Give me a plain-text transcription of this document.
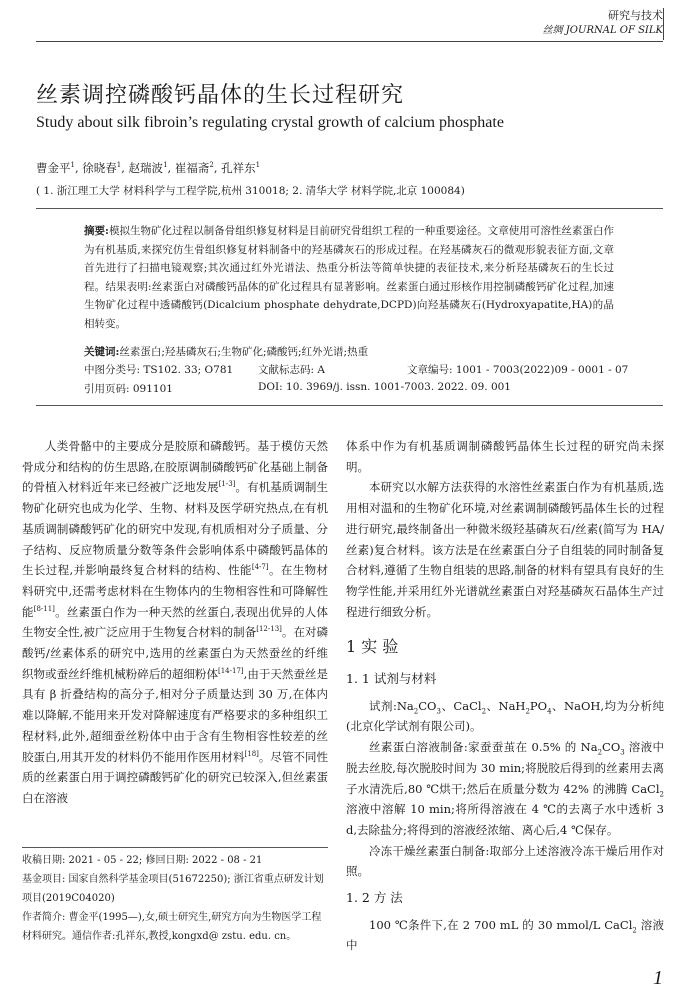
研究与技术
丝绸 JOURNAL OF SILK
丝素调控磷酸钙晶体的生长过程研究
Study about silk fibroin’s regulating crystal growth of calcium phosphate
曹金平$^1$, 徐晓春$^1$, 赵瑞波$^1$, 崔福斋$^2$, 孔祥东$^1$
( 1. 浙江理工大学 材料科学与工程学院,杭州 310018; 2. 清华大学 材料学院,北京 100084)
摘要:模拟生物矿化过程以制备骨组织修复材料是目前研究骨组织工程的一种重要途径。文章使用可溶性丝素蛋白作为有机基质,来探究仿生骨组织修复材料制备中的羟基磷灰石的形成过程。在羟基磷灰石的微观形貌表征方面,文章首先进行了扫描电镜观察;其次通过红外光谱法、热重分析法等简单快捷的表征技术,来分析羟基磷灰石的生长过程。结果表明:丝素蛋白对磷酸钙晶体的矿化过程具有显著影响。丝素蛋白通过形核作用控制磷酸钙矿化过程,加速生物矿化过程中透磷酸钙(Dicalcium phosphate dehydrate,DCPD)向羟基磷灰石(Hydroxyapatite,HA)的晶相转变。
关键词:丝素蛋白;羟基磷灰石;生物矿化;磷酸钙;红外光谱;热重
中图分类号: TS102. 33; O781 文献标志码: A	文章编号: 1001 - 7003(2022)09 - 0001 - 07
引用页码: 091101	DOI: 10. 3969/j. issn. 1001-7003. 2022. 09. 001

人类骨骼中的主要成分是胶原和磷酸钙。基于模仿天然骨成分和结构的仿生思路,在胶原调制磷酸钙矿化基础上制备的骨植入材料近年来已经被广泛地发展[1-3]。有机基质调制生物矿化研究也成为化学、生物、材料及医学研究热点,在有机基质调制磷酸钙矿化的研究中发现,有机质相对分子质量、分子结构、反应物质量分数等条件会影响体系中磷酸钙晶体的生长过程,并影响最终复合材料的结构、性能[4-7]。在生物材料研究中,还需考虑材料在生物体内的生物相容性和可降解性能[8-11]。丝素蛋白作为一种天然的丝蛋白,表现出优异的人体生物安全性,被广泛应用于生物复合材料的制备[12-13]。在对磷酸钙/丝素体系的研究中,选用的丝素蛋白为天然蚕丝的纤维织物或蚕丝纤维机械粉碎后的超细粉体[14-17],由于天然蚕丝是具有 β 折叠结构的高分子,相对分子质量达到 30 万,在体内难以降解,不能用来开发对降解速度有严格要求的多种组织工程材料,此外,超细蚕丝粉体中由于含有生物相容性较差的丝胶蛋白,用其开发的材料仍不能用作医用材料[18]。尽管不同性质的丝素蛋白用于调控磷酸钙矿化的研究已较深入,但丝素蛋白在溶液

收稿日期: 2021 - 05 - 22; 修回日期: 2022 - 08 - 21
基金项目: 国家自然科学基金项目(51672250); 浙江省重点研发计划项目(2019C04020)
作者简介: 曹金平(1995—),女,硕士研究生,研究方向为生物医学工程材料研究。通信作者:孔祥东,教授,kongxd@ zstu. edu. cn。

体系中作为有机基质调制磷酸钙晶体生长过程的研究尚未探明。

本研究以水解方法获得的水溶性丝素蛋白作为有机基质,选用相对温和的生物矿化环境,对丝素调制磷酸钙晶体生长的过程进行研究,最终制备出一种微米级羟基磷灰石/丝素(简写为 HA/丝素)复合材料。该方法是在丝素蛋白分子自组装的同时制备复合材料,遵循了生物自组装的思路,制备的材料有望具有良好的生物学性能,并采用红外光谱就丝素蛋白对羟基磷灰石晶体生产过程进行细致分析。

1 实 验

1. 1 试剂与材料

试剂$:Na_2CO_3$、CaCl$_2$、$NaH_2PO_4$、NaOH,均为分析纯(北京化学试剂有限公司)。

丝素蛋白溶液制备:家蚕蚕茧在 0.5% 的 $Na_2CO_3$ 溶液中脱去丝胶,每次脱胶时间为 30 min;将脱胶后得到的丝素用去离子水清洗后,80 ℃烘干;然后在质量分数为 42% 的沸腾 CaCl$_2$ 溶液中溶解 10 min;将所得溶液在 4 ℃的去离子水中透析 3 d,去除盐分;将得到的溶液经浓缩、离心后,4 ℃保存。

冷冻干燥丝素蛋白制备:取部分上述溶液冷冻干燥后用作对照。

1. 2 方 法

100 ℃条件下,在 2 700 mL 的 30 mmol/L CaCl$_2$ 溶液中

1
